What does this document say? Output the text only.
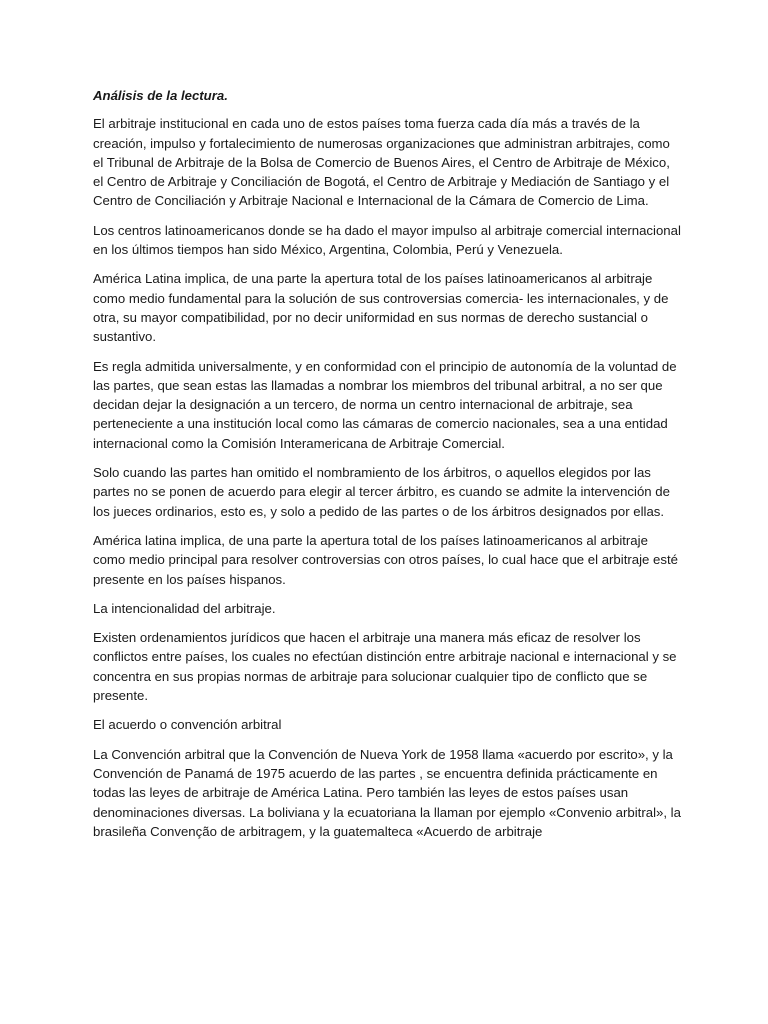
Análisis de la lectura.

El arbitraje institucional en cada uno de estos países toma fuerza cada día más a través de la creación, impulso y fortalecimiento de numerosas organizaciones que administran arbitrajes, como el Tribunal de Arbitraje de la Bolsa de Comercio de Buenos Aires, el Centro de Arbitraje de México, el Centro de Arbitraje y Conciliación de Bogotá, el Centro de Arbitraje y Mediación de Santiago y el Centro de Conciliación y Arbitraje Nacional e Internacional de la Cámara de Comercio de Lima.

Los centros latinoamericanos donde se ha dado el mayor impulso al arbitraje comercial internacional en los últimos tiempos han sido México, Argentina, Colombia, Perú y Venezuela.

América Latina implica, de una parte la apertura total de los países latinoamericanos al arbitraje como medio fundamental para la solución de sus controversias comercia- les internacionales, y de otra, su mayor compatibilidad, por no decir uniformidad en sus normas de derecho sustancial o sustantivo.

Es regla admitida universalmente, y en conformidad con el principio de autonomía de la voluntad de las partes, que sean estas las llamadas a nombrar los miembros del tribunal arbitral, a no ser que decidan dejar la designación a un tercero, de norma un centro internacional de arbitraje, sea perteneciente a una institución local como las cámaras de comercio nacionales, sea a una entidad internacional como la Comisión Interamericana de Arbitraje Comercial.

Solo cuando las partes han omitido el nombramiento de los árbitros, o aquellos elegidos por las partes no se ponen de acuerdo para elegir al tercer árbitro, es cuando se admite la intervención de los jueces ordinarios, esto es, y solo a pedido de las partes o de los árbitros designados por ellas.

América latina implica, de una parte la apertura total de los países latinoamericanos al arbitraje como medio principal para resolver controversias con otros países, lo cual hace que el arbitraje esté presente en los países hispanos.

La intencionalidad del arbitraje.

Existen ordenamientos jurídicos que hacen el arbitraje una manera más eficaz de resolver los conflictos entre países, los cuales no efectúan distinción entre arbitraje nacional e internacional y se concentra en sus propias normas de arbitraje para solucionar cualquier tipo de conflicto que se presente.

El acuerdo o convención arbitral

La Convención arbitral que la Convención de Nueva York de 1958 llama «acuerdo por escrito», y la Convención de Panamá de 1975 acuerdo de las partes , se encuentra definida prácticamente en todas las leyes de arbitraje de América Latina. Pero también las leyes de estos países usan denominaciones diversas. La boliviana y la ecuatoriana la llaman por ejemplo «Convenio arbitral», la brasileña Convenção de arbitragem, y la guatemalteca «Acuerdo de arbitraje
